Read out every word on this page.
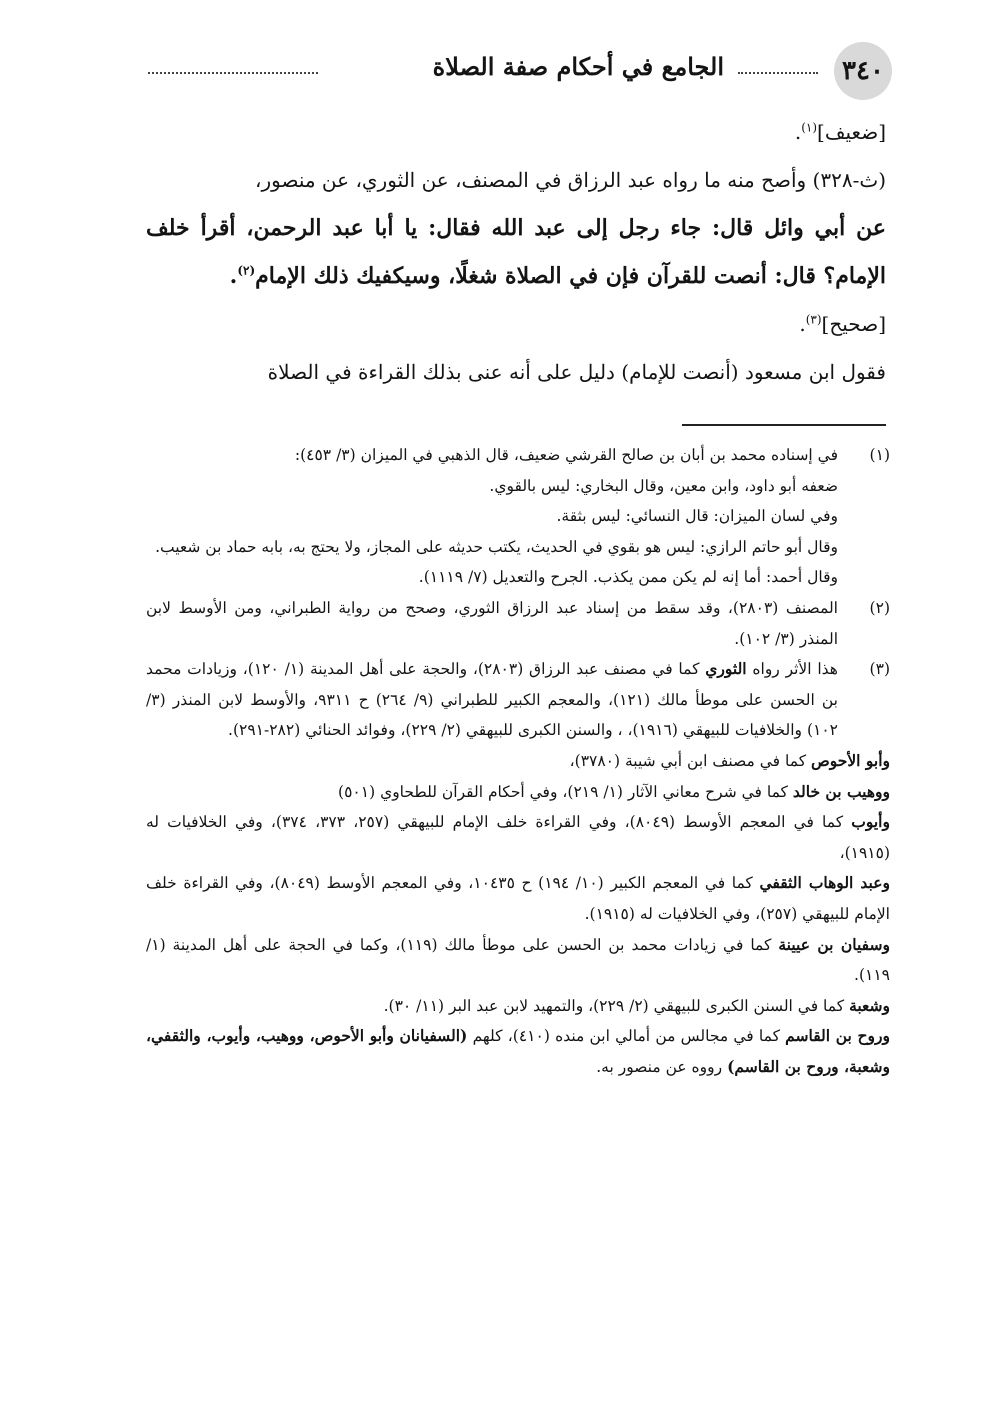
٣٤٠
الجامع في أحكام صفة الصلاة

[ضعيف]$^{(١)}$.

(ث-٣٢٨) وأصح منه ما رواه عبد الرزاق في المصنف، عن الثوري، عن منصور،

عن أبي وائل قال: جاء رجل إلى عبد الله فقال: يا أبا عبد الرحمن، أقرأ خلف الإمام؟ قال: أنصت للقرآن فإن في الصلاة شغلًا، وسيكفيك ذلك الإمام$^{(٢)}$.

[صحيح]$^{(٣)}$.

فقول ابن مسعود (أنصت للإمام) دليل على أنه عنى بذلك القراءة في الصلاة

(١)
في إسناده محمد بن أبان بن صالح القرشي ضعيف، قال الذهبي في الميزان (٣/ ٤٥٣):
ضعفه أبو داود، وابن معين، وقال البخاري: ليس بالقوي.
وفي لسان الميزان: قال النسائي: ليس بثقة.
وقال أبو حاتم الرازي: ليس هو بقوي في الحديث، يكتب حديثه على المجاز، ولا يحتج به، بابه حماد بن شعيب.
وقال أحمد: أما إنه لم يكن ممن يكذب. الجرح والتعديل (٧/ ١١١٩).
(٢)
المصنف (٢٨٠٣)، وقد سقط من إسناد عبد الرزاق الثوري، وصحح من رواية الطبراني، ومن الأوسط لابن المنذر (٣/ ١٠٢).
(٣)
هذا الأثر رواه الثوري كما في مصنف عبد الرزاق (٢٨٠٣)، والحجة على أهل المدينة (١/ ١٢٠)، وزيادات محمد بن الحسن على موطأ مالك (١٢١)، والمعجم الكبير للطبراني (٩/ ٢٦٤) ح ٩٣١١، والأوسط لابن المنذر (٣/ ١٠٢) والخلافيات للبيهقي (١٩١٦)، ، والسنن الكبرى للبيهقي (٢/ ٢٢٩)، وفوائد الحنائي (٢٨٢-٢٩١).
وأبو الأحوص كما في مصنف ابن أبي شيبة (٣٧٨٠)،
ووهيب بن خالد كما في شرح معاني الآثار (١/ ٢١٩)، وفي أحكام القرآن للطحاوي (٥٠١)
وأيوب كما في المعجم الأوسط (٨٠٤٩)، وفي القراءة خلف الإمام للبيهقي (٢٥٧، ٣٧٣، ٣٧٤)، وفي الخلافيات له (١٩١٥)،
وعبد الوهاب الثقفي كما في المعجم الكبير (١٠/ ١٩٤) ح ١٠٤٣٥، وفي المعجم الأوسط (٨٠٤٩)، وفي القراءة خلف الإمام للبيهقي (٢٥٧)، وفي الخلافيات له (١٩١٥).
وسفيان بن عيينة كما في زيادات محمد بن الحسن على موطأ مالك (١١٩)، وكما في الحجة على أهل المدينة (١/ ١١٩).
وشعبة كما في السنن الكبرى للبيهقي (٢/ ٢٢٩)، والتمهيد لابن عبد البر (١١/ ٣٠).
وروح بن القاسم كما في مجالس من أمالي ابن منده (٤١٠)، كلهم (السفيانان وأبو الأحوص، ووهيب، وأيوب، والثقفي، وشعبة، وروح بن القاسم) رووه عن منصور به.
